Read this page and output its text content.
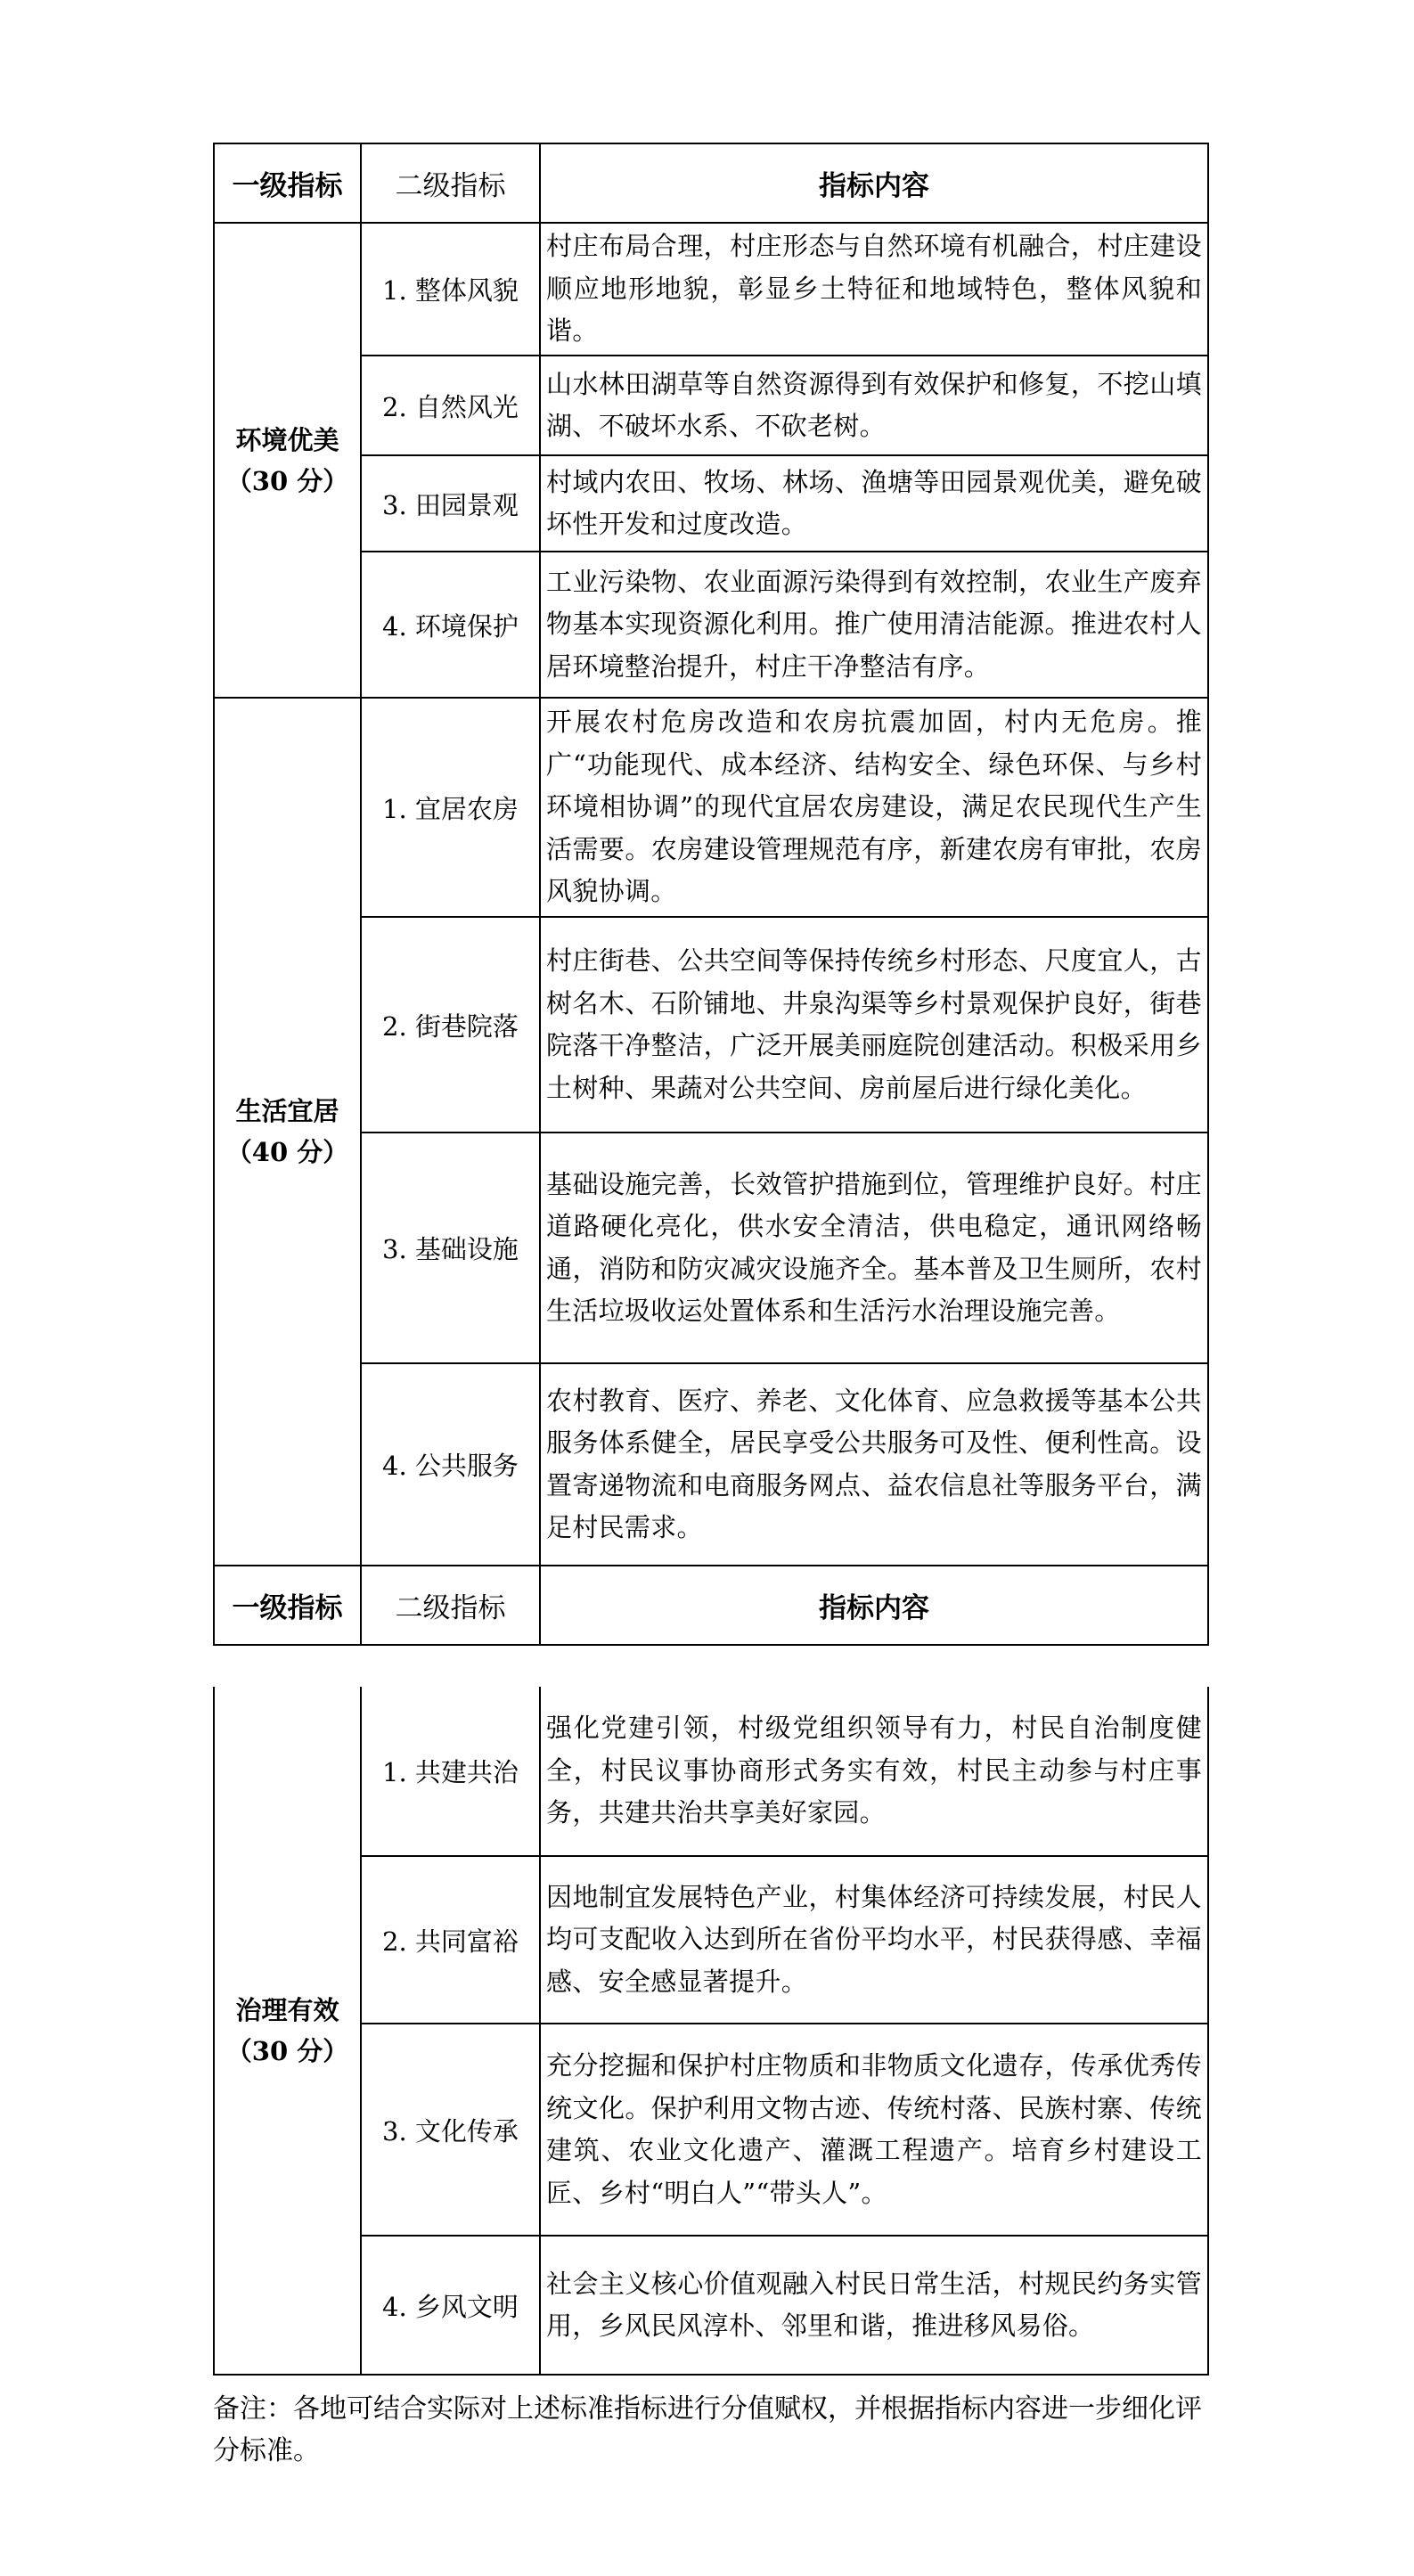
一级指标	二级指标	指标内容

环境优美
（30 分）	1. 整体风貌	村庄布局合理，村庄形态与自然环境有机融合，村庄建设顺应地形地貌，彰显乡土特征和地域特色，整体风貌和谐。
	2. 自然风光	山水林田湖草等自然资源得到有效保护和修复，不挖山填湖、不破坏水系、不砍老树。
	3. 田园景观	村域内农田、牧场、林场、渔塘等田园景观优美，避免破坏性开发和过度改造。
	4. 环境保护	工业污染物、农业面源污染得到有效控制，农业生产废弃物基本实现资源化利用。推广使用清洁能源。推进农村人居环境整治提升，村庄干净整洁有序。

生活宜居
（40 分）	1. 宜居农房	开展农村危房改造和农房抗震加固，村内无危房。推广“功能现代、成本经济、结构安全、绿色环保、与乡村环境相协调”的现代宜居农房建设，满足农民现代生产生活需要。农房建设管理规范有序，新建农房有审批，农房风貌协调。
	2. 街巷院落	村庄街巷、公共空间等保持传统乡村形态、尺度宜人，古树名木、石阶铺地、井泉沟渠等乡村景观保护良好，街巷院落干净整洁，广泛开展美丽庭院创建活动。积极采用乡土树种、果蔬对公共空间、房前屋后进行绿化美化。
	3. 基础设施	基础设施完善，长效管护措施到位，管理维护良好。村庄道路硬化亮化，供水安全清洁，供电稳定，通讯网络畅通，消防和防灾减灾设施齐全。基本普及卫生厕所，农村生活垃圾收运处置体系和生活污水治理设施完善。
	4. 公共服务	农村教育、医疗、养老、文化体育、应急救援等基本公共服务体系健全，居民享受公共服务可及性、便利性高。设置寄递物流和电商服务网点、益农信息社等服务平台，满足村民需求。
一级指标	二级指标	指标内容
治理有效
（30 分）	1. 共建共治	强化党建引领，村级党组织领导有力，村民自治制度健全，村民议事协商形式务实有效，村民主动参与村庄事务，共建共治共享美好家园。
	2. 共同富裕	因地制宜发展特色产业，村集体经济可持续发展，村民人均可支配收入达到所在省份平均水平，村民获得感、幸福感、安全感显著提升。
	3. 文化传承	充分挖掘和保护村庄物质和非物质文化遗存，传承优秀传统文化。保护利用文物古迹、传统村落、民族村寨、传统建筑、农业文化遗产、灌溉工程遗产。培育乡村建设工匠、乡村“明白人”“带头人”。
	4. 乡风文明	社会主义核心价值观融入村民日常生活，村规民约务实管用，乡风民风淳朴、邻里和谐，推进移风易俗。
备注：各地可结合实际对上述标准指标进行分值赋权，并根据指标内容进一步细化评分标准。
